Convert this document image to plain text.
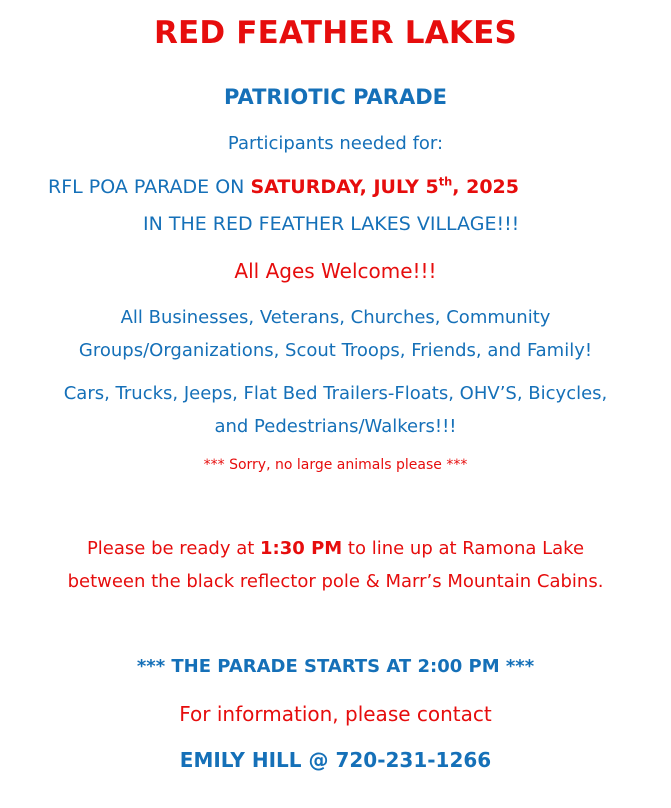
RED FEATHER LAKES
PATRIOTIC PARADE
Participants needed for:
RFL POA PARADE ON SATURDAY, JULY 5th, 2025
IN THE RED FEATHER LAKES VILLAGE!!!
All Ages Welcome!!!
All Businesses, Veterans, Churches, Community
Groups/Organizations, Scout Troops, Friends, and Family!
Cars, Trucks, Jeeps, Flat Bed Trailers-Floats, OHV’S, Bicycles,
and Pedestrians/Walkers!!!
*** Sorry, no large animals please ***
Please be ready at 1:30 PM to line up at Ramona Lake
between the black reflector pole & Marr’s Mountain Cabins.
*** THE PARADE STARTS AT 2:00 PM ***
For information, please contact
EMILY HILL @ 720-231-1266
